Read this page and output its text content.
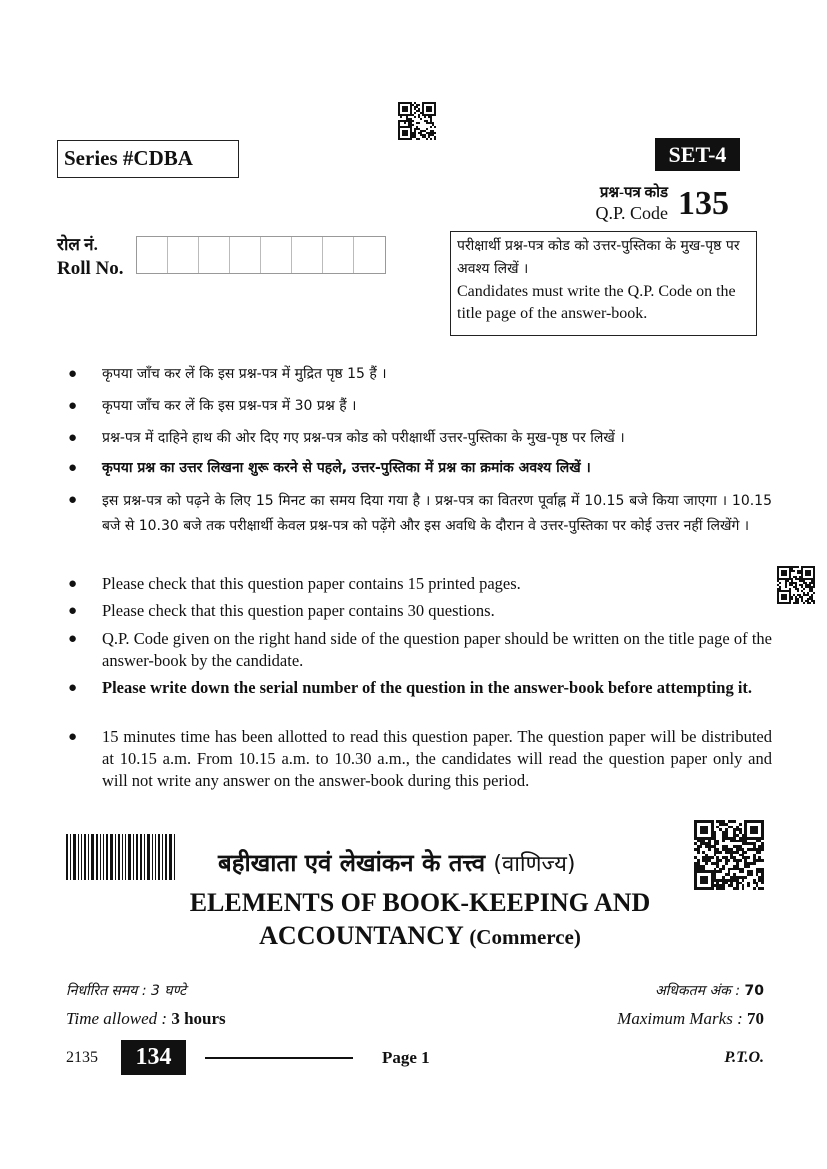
Series #CDBA	SET-4
प्रश्न-पत्र कोड
Q.P. Code 135
रोल नं.
Roll No.
परीक्षार्थी प्रश्न-पत्र कोड को उत्तर-पुस्तिका के मुख-पृष्ठ पर अवश्य लिखें ।
Candidates must write the Q.P. Code on the title page of the answer-book.
●	कृपया जाँच कर लें कि इस प्रश्न-पत्र में मुद्रित पृष्ठ 15 हैं ।
●	कृपया जाँच कर लें कि इस प्रश्न-पत्र में 30 प्रश्न हैं ।
●	प्रश्न-पत्र में दाहिने हाथ की ओर दिए गए प्रश्न-पत्र कोड को परीक्षार्थी उत्तर-पुस्तिका के मुख-पृष्ठ पर लिखें ।
●	कृपया प्रश्न का उत्तर लिखना शुरू करने से पहले, उत्तर-पुस्तिका में प्रश्न का क्रमांक अवश्य लिखें ।
●	इस प्रश्न-पत्र को पढ़ने के लिए 15 मिनट का समय दिया गया है । प्रश्न-पत्र का वितरण पूर्वाह्न में 10.15 बजे किया जाएगा । 10.15 बजे से 10.30 बजे तक परीक्षार्थी केवल प्रश्न-पत्र को पढ़ेंगे और इस अवधि के दौरान वे उत्तर-पुस्तिका पर कोई उत्तर नहीं लिखेंगे ।
●	Please check that this question paper contains 15 printed pages.
●	Please check that this question paper contains 30 questions.
●	Q.P. Code given on the right hand side of the question paper should be written on the title page of the answer-book by the candidate.
●	Please write down the serial number of the question in the answer-book before attempting it.
●	15 minutes time has been allotted to read this question paper. The question paper will be distributed at 10.15 a.m. From 10.15 a.m. to 10.30 a.m., the candidates will read the question paper only and will not write any answer on the answer-book during this period.
बहीखाता एवं लेखांकन के तत्त्व (वाणिज्य)
ELEMENTS OF BOOK-KEEPING AND
ACCOUNTANCY (Commerce)
निर्धारित समय : 3 घण्टे
Time allowed : 3 hours
अधिकतम अंक : 70
Maximum Marks : 70
2135	134	Page 1	P.T.O.
